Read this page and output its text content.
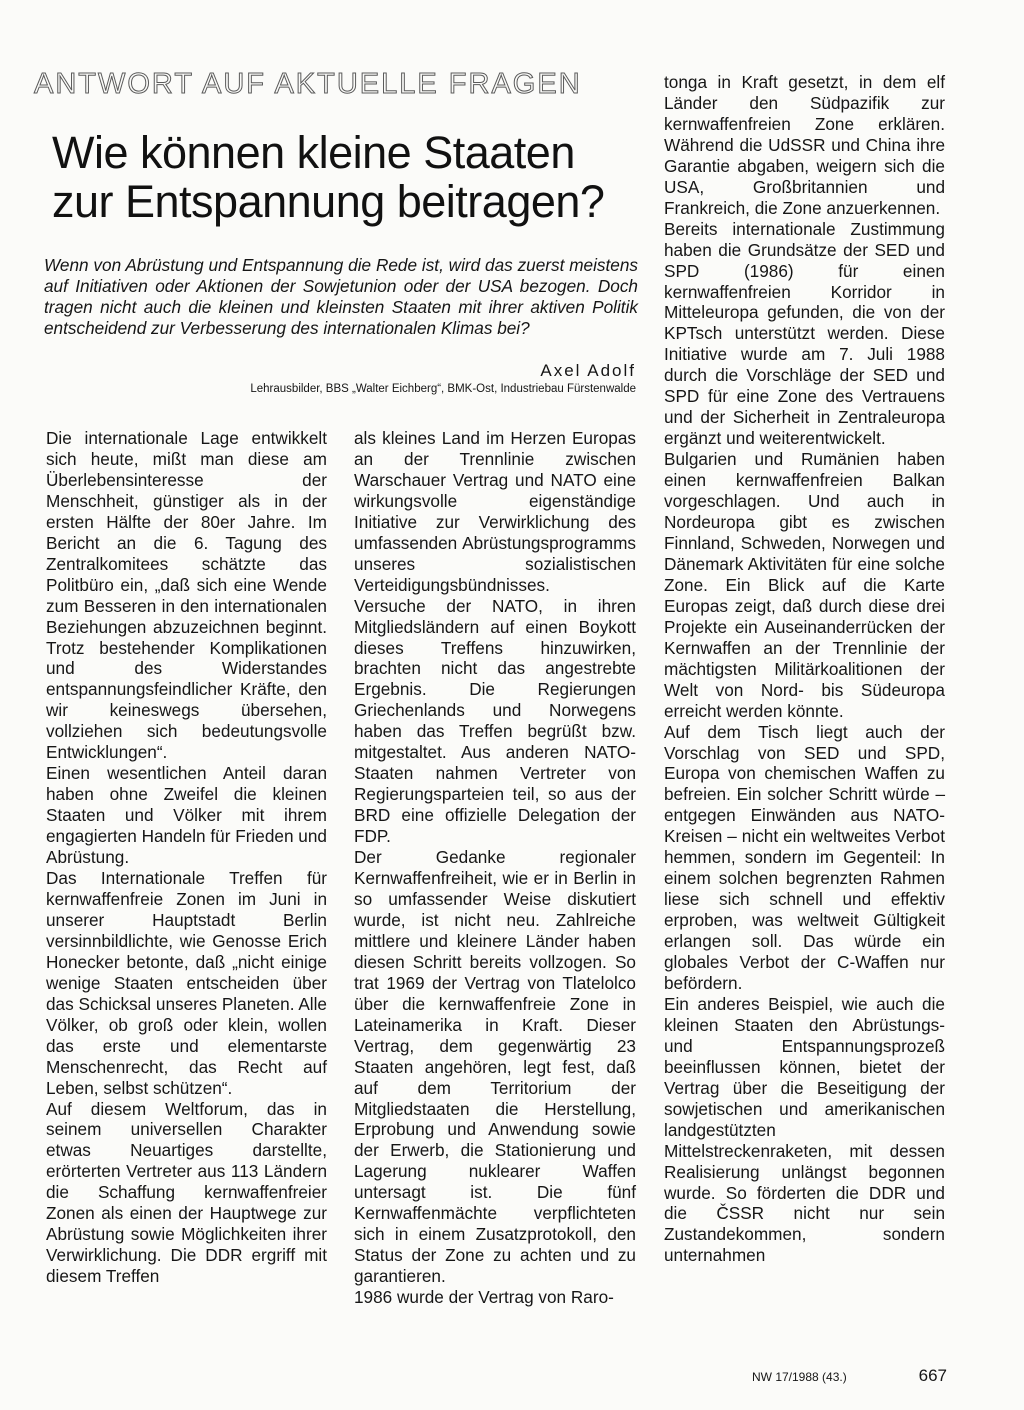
ANTWORT AUF AKTUELLE FRAGEN
Wie können kleine Staaten zur Entspannung beitragen?

Wenn von Abrüstung und Entspannung die Rede ist, wird das zuerst meistens auf Initiativen oder Aktionen der Sowjetunion oder der USA bezogen. Doch tragen nicht auch die kleinen und kleinsten Staaten mit ihrer aktiven Politik entscheidend zur Verbesserung des internationalen Klimas bei?

Axel Adolf
Lehrausbilder, BBS „Walter Eichberg“, BMK-Ost, Industriebau Fürstenwalde

Die internationale Lage entwikkelt sich heute, mißt man diese am Überlebensinteresse der Menschheit, günstiger als in der ersten Hälfte der 80er Jahre. Im Bericht an die 6. Tagung des Zentralkomitees schätzte das Politbüro ein, „daß sich eine Wende zum Besseren in den internationalen Beziehungen abzuzeichnen beginnt. Trotz bestehender Komplikationen und des Widerstandes entspannungsfeindlicher Kräfte, den wir keineswegs übersehen, vollziehen sich bedeutungsvolle Entwicklungen“.

Einen wesentlichen Anteil daran haben ohne Zweifel die kleinen Staaten und Völker mit ihrem engagierten Handeln für Frieden und Abrüstung.

Das Internationale Treffen für kernwaffenfreie Zonen im Juni in unserer Hauptstadt Berlin versinnbildlichte, wie Genosse Erich Honecker betonte, daß „nicht einige wenige Staaten entscheiden über das Schicksal unseres Planeten. Alle Völker, ob groß oder klein, wollen das erste und elementarste Menschenrecht, das Recht auf Leben, selbst schützen“.

Auf diesem Weltforum, das in seinem universellen Charakter etwas Neuartiges darstellte, erörterten Vertreter aus 113 Ländern die Schaffung kernwaffenfreier Zonen als einen der Hauptwege zur Abrüstung sowie Möglichkeiten ihrer Verwirklichung. Die DDR ergriff mit diesem Treffen

als kleines Land im Herzen Europas an der Trennlinie zwischen Warschauer Vertrag und NATO eine wirkungsvolle eigenständige Initiative zur Verwirklichung des umfassenden Abrüstungsprogramms unseres sozialistischen Verteidigungsbündnisses.

Versuche der NATO, in ihren Mitgliedsländern auf einen Boykott dieses Treffens hinzuwirken, brachten nicht das angestrebte Ergebnis. Die Regierungen Griechenlands und Norwegens haben das Treffen begrüßt bzw. mitgestaltet. Aus anderen NATO-Staaten nahmen Vertreter von Regierungsparteien teil, so aus der BRD eine offizielle Delegation der FDP.

Der Gedanke regionaler Kernwaffenfreiheit, wie er in Berlin in so umfassender Weise diskutiert wurde, ist nicht neu. Zahlreiche mittlere und kleinere Länder haben diesen Schritt bereits vollzogen. So trat 1969 der Vertrag von Tlatelolco über die kernwaffenfreie Zone in Lateinamerika in Kraft. Dieser Vertrag, dem gegenwärtig 23 Staaten angehören, legt fest, daß auf dem Territorium der Mitgliedstaaten die Herstellung, Erprobung und Anwendung sowie der Erwerb, die Stationierung und Lagerung nuklearer Waffen untersagt ist. Die fünf Kernwaffenmächte verpflichteten sich in einem Zusatzprotokoll, den Status der Zone zu achten und zu garantieren.

1986 wurde der Vertrag von Raro-

tonga in Kraft gesetzt, in dem elf Länder den Südpazifik zur kernwaffenfreien Zone erklären. Während die UdSSR und China ihre Garantie abgaben, weigern sich die USA, Großbritannien und Frankreich, die Zone anzuerkennen.

Bereits internationale Zustimmung haben die Grundsätze der SED und SPD (1986) für einen kernwaffenfreien Korridor in Mitteleuropa gefunden, die von der KPTsch unterstützt werden. Diese Initiative wurde am 7. Juli 1988 durch die Vorschläge der SED und SPD für eine Zone des Vertrauens und der Sicherheit in Zentraleuropa ergänzt und weiterentwickelt.

Bulgarien und Rumänien haben einen kernwaffenfreien Balkan vorgeschlagen. Und auch in Nordeuropa gibt es zwischen Finnland, Schweden, Norwegen und Dänemark Aktivitäten für eine solche Zone. Ein Blick auf die Karte Europas zeigt, daß durch diese drei Projekte ein Auseinanderrücken der Kernwaffen an der Trennlinie der mächtigsten Militärkoalitionen der Welt von Nord- bis Südeuropa erreicht werden könnte.

Auf dem Tisch liegt auch der Vorschlag von SED und SPD, Europa von chemischen Waffen zu befreien. Ein solcher Schritt würde – entgegen Einwänden aus NATO-Kreisen – nicht ein weltweites Verbot hemmen, sondern im Gegenteil: In einem solchen begrenzten Rahmen liese sich schnell und effektiv erproben, was weltweit Gültigkeit erlangen soll. Das würde ein globales Verbot der C-Waffen nur befördern.

Ein anderes Beispiel, wie auch die kleinen Staaten den Abrüstungs- und Entspannungsprozeß beeinflussen können, bietet der Vertrag über die Beseitigung der sowjetischen und amerikanischen landgestützten Mittelstreckenraketen, mit dessen Realisierung unlängst begonnen wurde. So förderten die DDR und die ČSSR nicht nur sein Zustandekommen, sondern unternahmen

NW 17/1988 (43.)	667
